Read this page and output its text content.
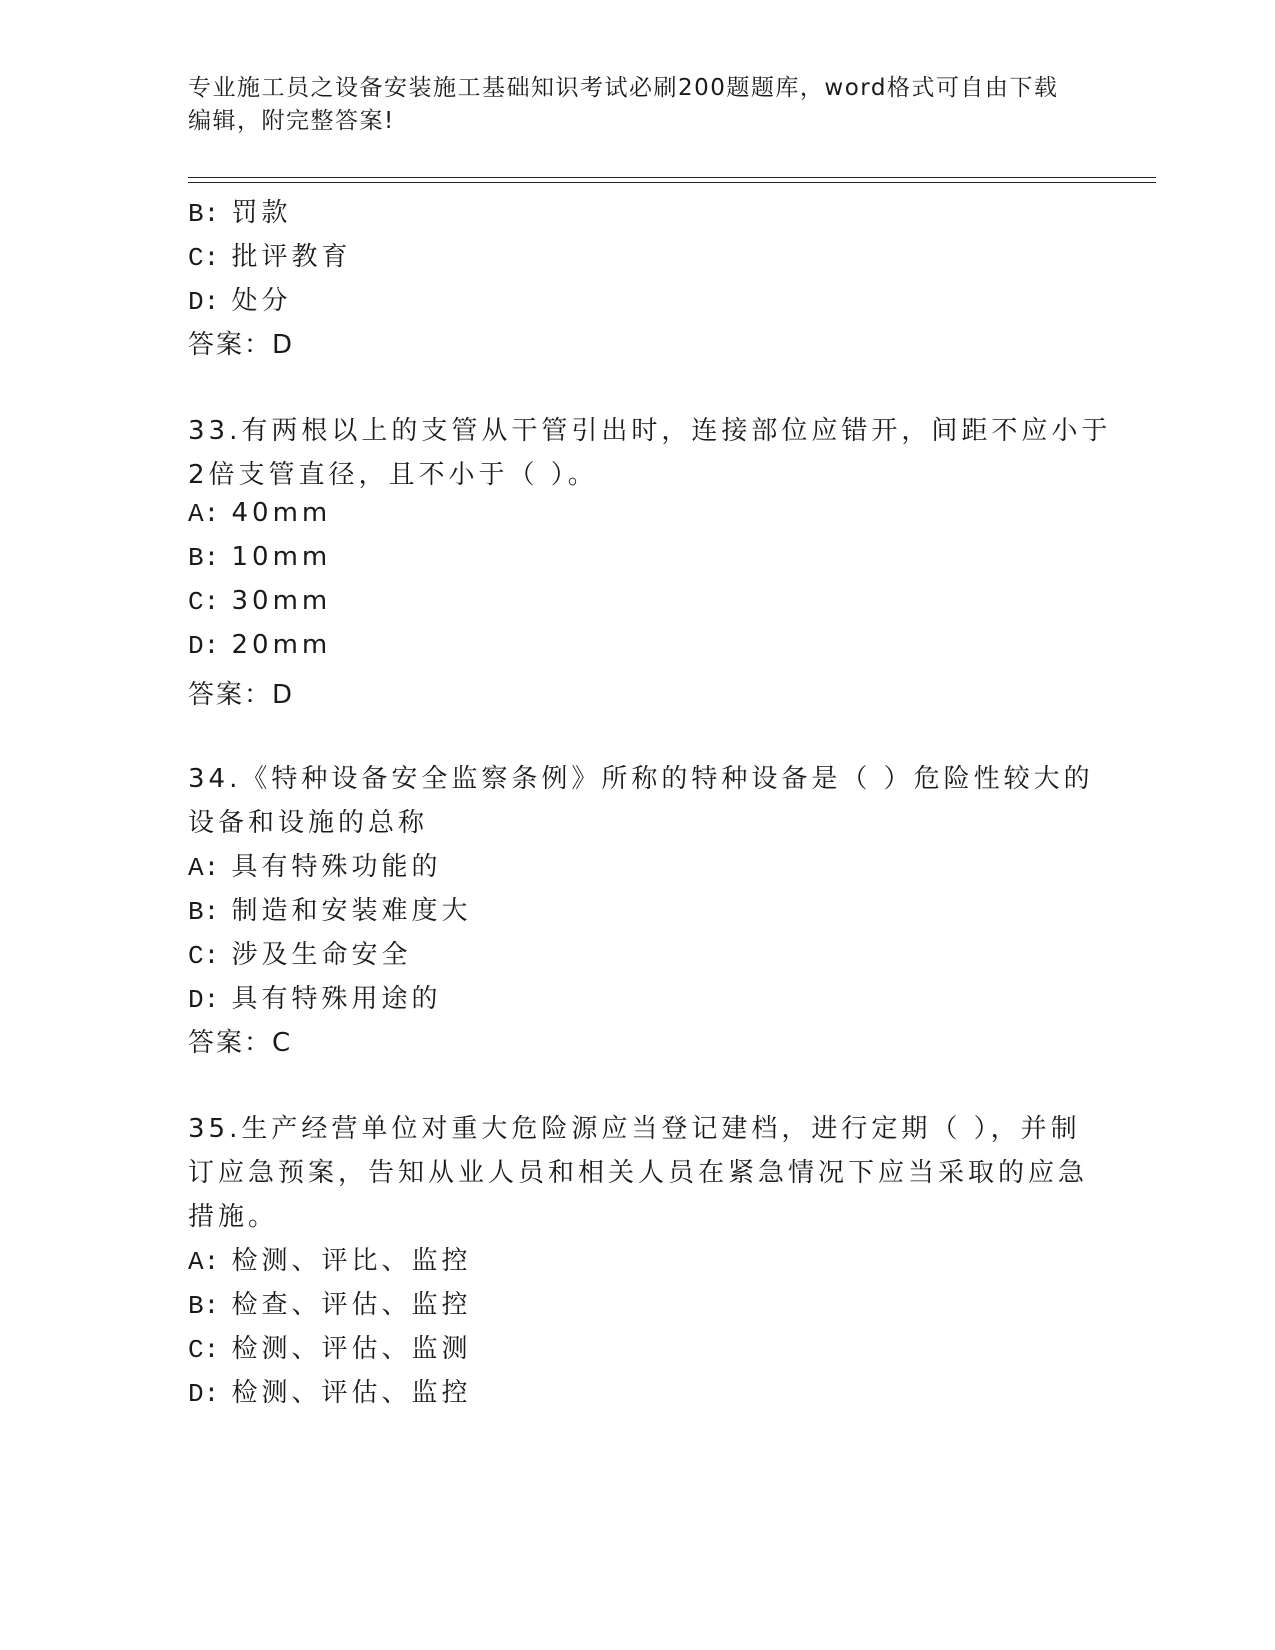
专业施工员之设备安装施工基础知识考试必刷200题题库，word格式可自由下载
编辑，附完整答案!
B: 罚款
C: 批评教育
D: 处分
答案：D
33.有两根以上的支管从干管引出时，连接部位应错开，间距不应小于
2倍支管直径，且不小于（ ）。
A: 40mm
B: 10mm
C: 30mm
D: 20mm
答案：D
34.《特种设备安全监察条例》所称的特种设备是（ ）危险性较大的
设备和设施的总称
A: 具有特殊功能的
B: 制造和安装难度大
C: 涉及生命安全
D: 具有特殊用途的
答案：C
35.生产经营单位对重大危险源应当登记建档，进行定期（ ），并制
订应急预案，告知从业人员和相关人员在紧急情况下应当采取的应急
措施。
A: 检测、评比、监控
B: 检查、评估、监控
C: 检测、评估、监测
D: 检测、评估、监控
